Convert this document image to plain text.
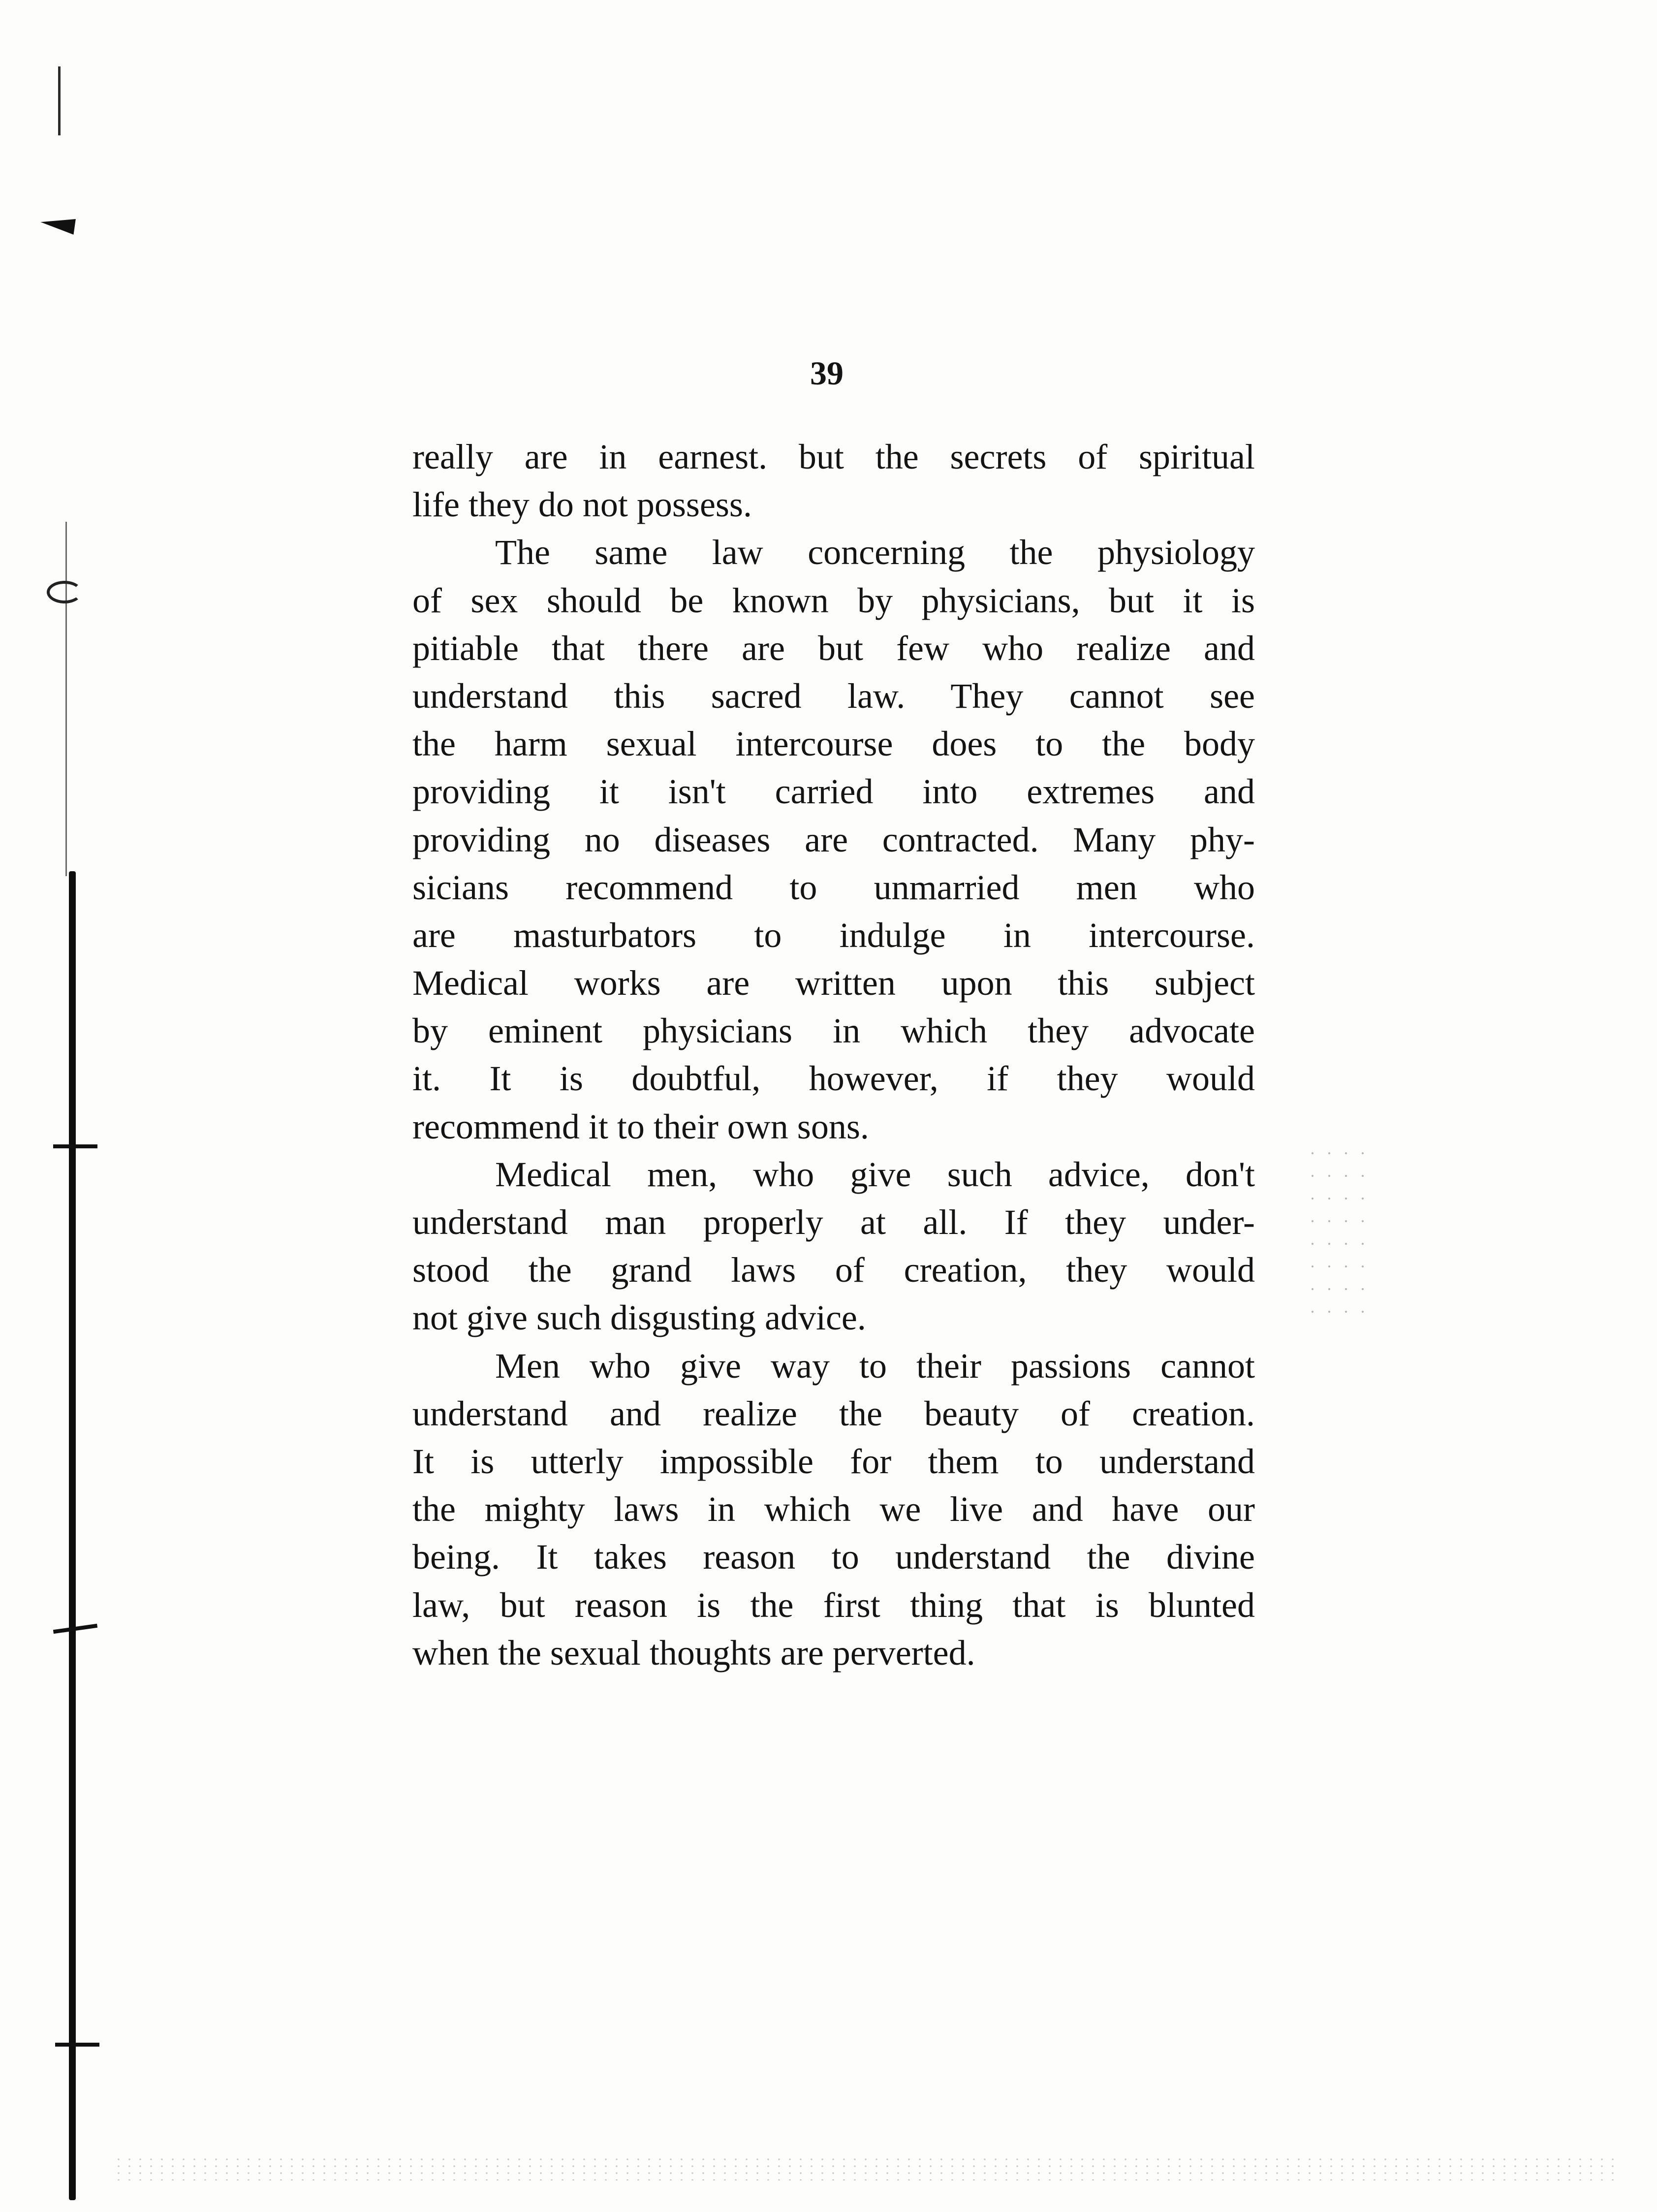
39

really are in earnest. but the secrets of spiritual
life they do not possess.

The same law concerning the physiology
of sex should be known by physicians, but it is
pitiable that there are but few who realize and
understand this sacred law. They cannot see
the harm sexual intercourse does to the body
providing it isn't carried into extremes and
providing no diseases are contracted. Many phy-
sicians recommend to unmarried men who
are masturbators to indulge in intercourse.
Medical works are written upon this subject
by eminent physicians in which they advocate
it. It is doubtful, however, if they would
recommend it to their own sons.

Medical men, who give such advice, don't
understand man properly at all. If they under-
stood the grand laws of creation, they would
not give such disgusting advice.

Men who give way to their passions cannot
understand and realize the beauty of creation.
It is utterly impossible for them to understand
the mighty laws in which we live and have our
being. It takes reason to understand the divine
law, but reason is the first thing that is blunted
when the sexual thoughts are perverted.
